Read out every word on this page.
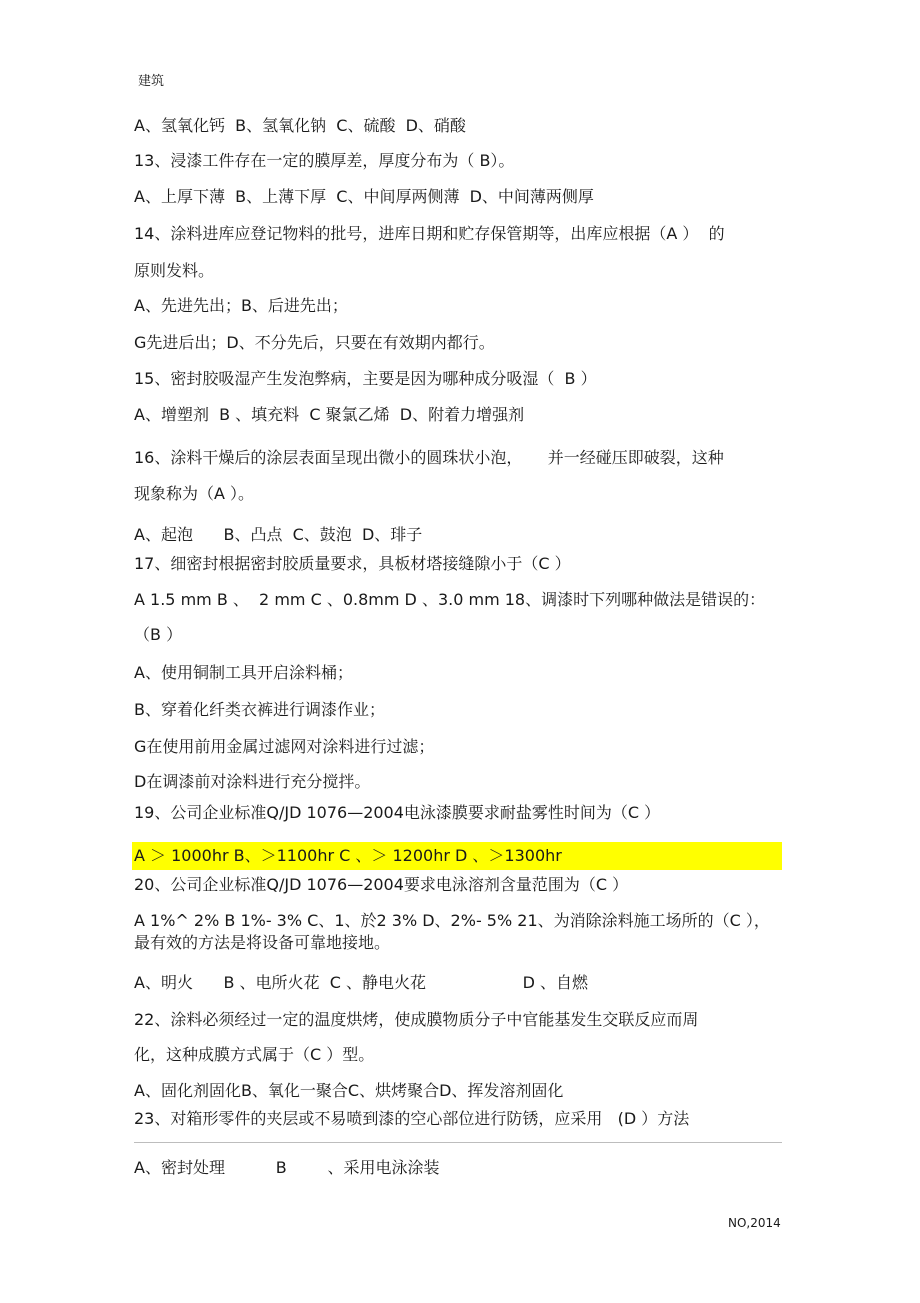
建筑
A、氢氧化钙  B、氢氧化钠  C、硫酸  D、硝酸
13、浸漆工件存在一定的膜厚差，厚度分布为（ B）。
A、上厚下薄  B、上薄下厚  C、中间厚两侧薄  D、中间薄两侧厚
14、涂料进库应登记物料的批号，进库日期和贮存保管期等，出库应根据（A ）  的
原则发料。
A、先进先出；B、后进先出；
G先进后出；D、不分先后，只要在有效期内都行。
15、密封胶吸湿产生发泡弊病，主要是因为哪种成分吸湿（  B ）
A、增塑剂  B 、填充料  C 聚氯乙烯  D、附着力增强剂
16、涂料干燥后的涂层表面呈现出微小的圆珠状小泡，     并一经碰压即破裂，这种
现象称为（A ）。
A、起泡      B、凸点  C、鼓泡  D、琲子
17、细密封根据密封胶质量要求，具板材塔接缝隙小于（C ）
A 1.5 mm B 、  2 mm C 、0.8mm D 、3.0 mm 18、调漆时下列哪种做法是错误的：
（B ）
A、使用铜制工具开启涂料桶；
B、穿着化纤类衣裤进行调漆作业；
G在使用前用金属过滤网对涂料进行过滤；
D在调漆前对涂料进行充分搅拌。
19、公司企业标准Q/JD 1076—2004电泳漆膜要求耐盐雾性时间为（C ）
A ＞ 1000hr B、＞1100hr C 、＞ 1200hr D 、＞1300hr
20、公司企业标准Q/JD 1076—2004要求电泳溶剂含量范围为（C ）
A 1%^ 2% B 1%- 3% C、1、於2 3% D、2%- 5% 21、为消除涂料施工场所的（C ），
最有效的方法是将设备可靠地接地。
A、明火      B 、电所火花  C 、静电火花                   D 、自燃
22、涂料必须经过一定的温度烘烤，使成膜物质分子中官能基发生交联反应而周
化，这种成膜方式属于（C ）型。
A、固化剂固化B、氧化一聚合C、烘烤聚合D、挥发溶剂固化
23、对箱形零件的夹层或不易喷到漆的空心部位进行防锈，应采用   (D ）方法
A、密封处理          B        、采用电泳涂装
NO,2014
